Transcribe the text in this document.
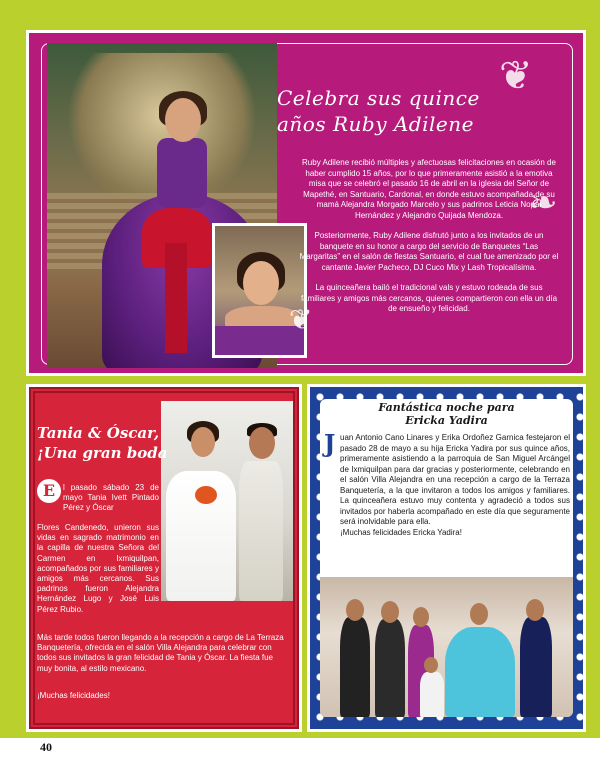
Celebra sus quince
años Ruby Adilene
❦
❧
❦

Ruby Adilene recibió múltiples y afectuosas felicitaciones en ocasión de haber cumplido 15 años, por lo que primeramente asistió a la emotiva misa que se celebró el pasado 16 de abril en la iglesia del Señor de Mapethé, en Santuario, Cardonal, en donde estuvo acompañada de su mamá Alejandra Morgado Marcelo y sus padrinos Leticia Nopal Hernández y Alejandro Quijada Mendoza.

Posteriormente, Ruby Adilene disfrutó junto a los invitados de un banquete en su honor a cargo del servicio de Banquetes “Las Margaritas” en el salón de fiestas Santuario, el cual fue amenizado por el cantante Javier Pacheco, DJ Cuco Mix y Lash Tropicalísima.

La quinceañera bailó el tradicional vals y estuvo rodeada de sus familiares y amigos más cercanos, quienes compartieron con ella un día de ensueño y felicidad.

Tania & Óscar,
¡Una gran boda
E l pasado sábado 23 de mayo Tania Ivett Pintado Pérez y Óscar
Flores Candenedo, unieron sus vidas en sagrado matrimonio en la capilla de nuestra Señora del Carmen en Ixmiquilpan, acompañados por sus familiares y amigos más cercanos. Sus padrinos fueron Alejandra Hernández Lugo y José Luis Pérez Rubio.
Más tarde todos fueron llegando a la recepción a cargo de La Terraza Banquetería, ofrecida en el salón Villa Alejandra para celebrar con todos sus invitados la gran felicidad de Tania y Óscar. La fiesta fue muy bonita, al estilo mexicano.
¡Muchas felicidades!
Fantástica noche para
Ericka Yadira
J uan Antonio Cano Linares y Erika Ordoñez Garnica festejaron el pasado 28 de mayo a su hija Ericka Yadira por sus quince años, primeramente asistiendo a la parroquia de San Miguel Arcángel de Ixmiquilpan para dar gracias y posteriormente, celebrando en el salón Villa Alejandra en una recepción a cargo de la Terraza Banquetería, a la que invitaron a todos los amigos y familiares. La quinceañera estuvo muy contenta y agradeció a todos sus invitados por haberla acompañado en este día que seguramente será inolvidable para ella.
¡Muchas felicidades Ericka Yadira!
40
